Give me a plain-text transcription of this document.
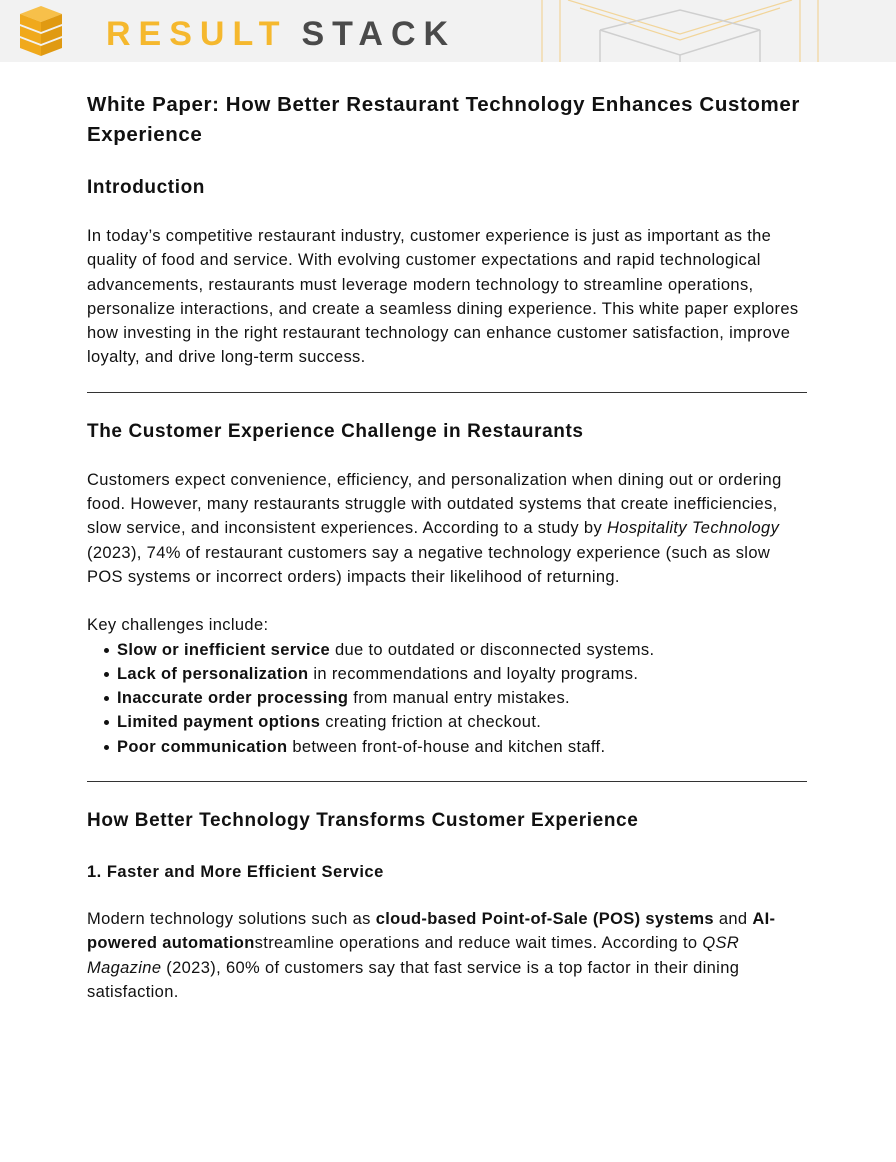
RESULT STACK
White Paper: How Better Restaurant Technology Enhances Customer Experience
Introduction

In today’s competitive restaurant industry, customer experience is just as important as the quality of food and service. With evolving customer expectations and rapid technological advancements, restaurants must leverage modern technology to streamline operations, personalize interactions, and create a seamless dining experience. This white paper explores how investing in the right restaurant technology can enhance customer satisfaction, improve loyalty, and drive long-term success.

The Customer Experience Challenge in Restaurants

Customers expect convenience, efficiency, and personalization when dining out or ordering food. However, many restaurants struggle with outdated systems that create inefficiencies, slow service, and inconsistent experiences. According to a study by Hospitality Technology (2023), 74% of restaurant customers say a negative technology experience (such as slow POS systems or incorrect orders) impacts their likelihood of returning.

Key challenges include:

Slow or inefficient service due to outdated or disconnected systems.
Lack of personalization in recommendations and loyalty programs.
Inaccurate order processing from manual entry mistakes.
Limited payment options creating friction at checkout.
Poor communication between front-of-house and kitchen staff.
How Better Technology Transforms Customer Experience
1. Faster and More Efficient Service

Modern technology solutions such as cloud-based Point-of-Sale (POS) systems and AI-powered automationstreamline operations and reduce wait times. According to QSR Magazine (2023), 60% of customers say that fast service is a top factor in their dining satisfaction.
